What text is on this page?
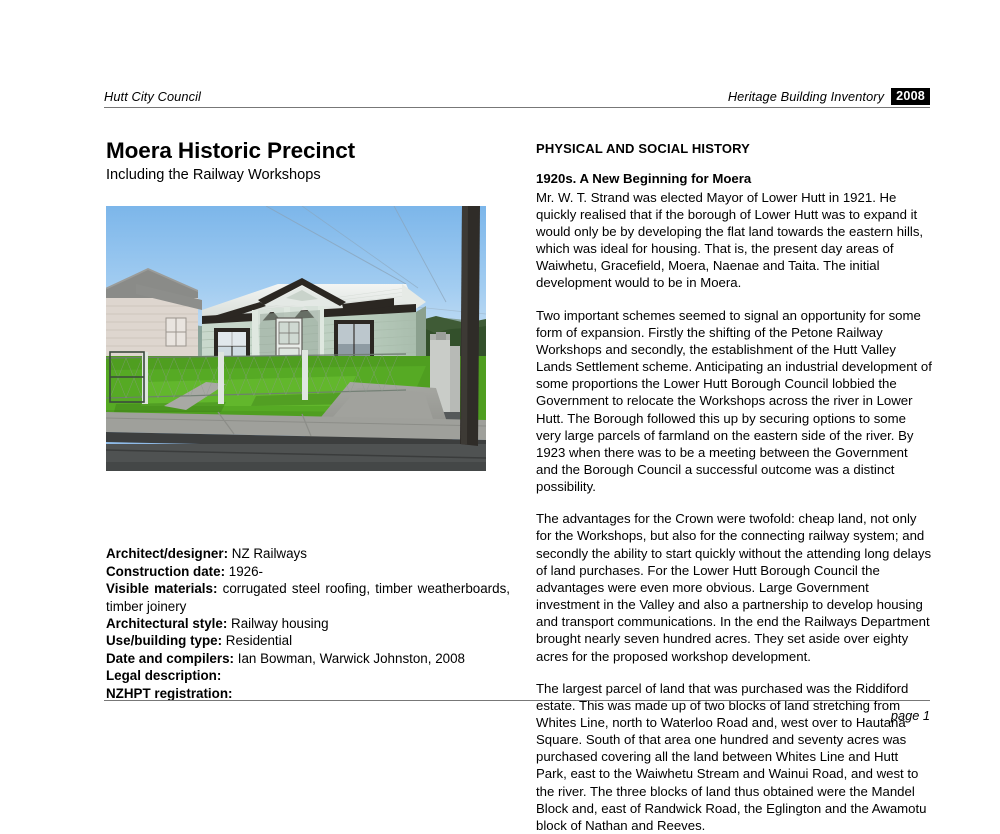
Hutt City Council	Heritage Building Inventory 2008
Moera Historic Precinct
Including the Railway Workshops

Architect/designer: NZ Railways

Construction date: 1926-

Visible materials: corrugated steel roofing, timber weatherboards, timber joinery

Architectural style: Railway housing

Use/building type: Residential

Date and compilers: Ian Bowman, Warwick Johnston, 2008

Legal description:

NZHPT registration:

PHYSICAL AND SOCIAL HISTORY
1920s. A New Beginning for Moera

Mr. W. T. Strand was elected Mayor of Lower Hutt in 1921. He quickly realised that if the borough of Lower Hutt was to expand it would only be by developing the flat land towards the eastern hills, which was ideal for housing. That is, the present day areas of Waiwhetu, Gracefield, Moera, Naenae and Taita. The initial development would to be in Moera.

Two important schemes seemed to signal an opportunity for some form of expansion. Firstly the shifting of the Petone Railway Workshops and secondly, the establishment of the Hutt Valley Lands Settlement scheme. Anticipating an industrial development of some proportions the Lower Hutt Borough Council lobbied the Government to relocate the Workshops across the river in Lower Hutt. The Borough followed this up by securing options to some very large parcels of farmland on the eastern side of the river. By 1923 when there was to be a meeting between the Government and the Borough Council a successful outcome was a distinct possibility.

The advantages for the Crown were twofold: cheap land, not only for the Workshops, but also for the connecting railway system; and secondly the ability to start quickly without the attending long delays of land purchases. For the Lower Hutt Borough Council the advantages were even more obvious. Large Government investment in the Valley and also a partnership to develop housing and transport communications. In the end the Railways Department brought nearly seven hundred acres. They set aside over eighty acres for the proposed workshop development.

The largest parcel of land that was purchased was the Riddiford estate. This was made up of two blocks of land stretching from Whites Line, north to Waterloo Road and, west over to Hautana Square. South of that area one hundred and seventy acres was purchased covering all the land between Whites Line and Hutt Park, east to the Waiwhetu Stream and Wainui Road, and west to the river. The three blocks of land thus obtained were the Mandel Block and, east of Randwick Road, the Eglington and the Awamotu block of Nathan and Reeves.

page 1
